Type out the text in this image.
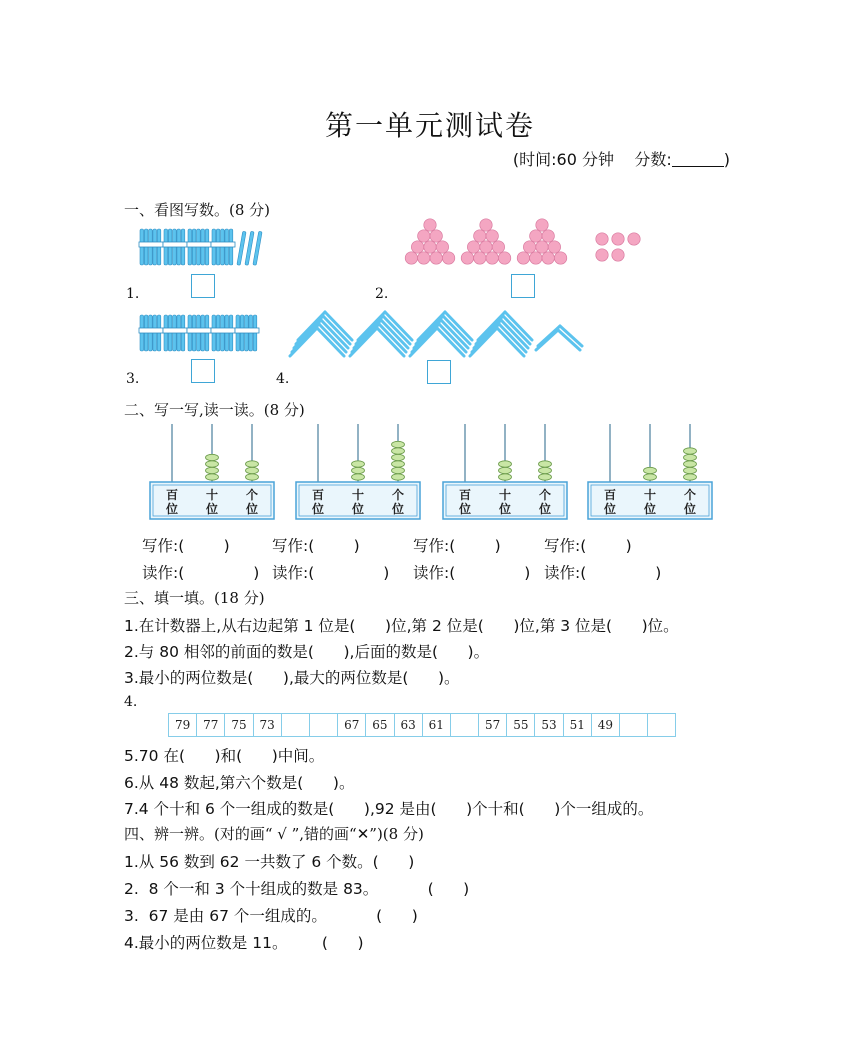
第一单元测试卷
(时间:60 分钟 分数:	)
一、看图写数。(8 分)
1.	2.
3.	4.
二、写一写,读一读。(8 分)
百
位
十
位
个
位
百
位
十
位
个
位
百
位
十
位
个
位
百
位
十
位
个
位
写作:(        )	写作:(        )	写作:(        )	写作:(        )
读作:(              ) 读作:(              ) 读作:(              ) 读作:(              )
三、填一填。(18 分)
1.在计数器上,从右边起第 1 位是(      )位,第 2 位是(      )位,第 3 位是(      )位。
2.与 80 相邻的前面的数是(      ),后面的数是(      )。
3.最小的两位数是(      ),最大的两位数是(      )。
4.
79	77	75	73			67	65	63	61		57	55	53	51	49		
5.70 在(      )和(      )中间。
6.从 48 数起,第六个数是(      )。
7.4 个十和 6 个一组成的数是(      ),92 是由(      )个十和(      )个一组成的。
四、辨一辨。(对的画“ √ ”,错的画“✕”)(8 分)
1.从 56 数到 62 一共数了 6 个数。(      )
2.  8 个一和 3 个十组成的数是 83。          (      )
3.  67 是由 67 个一组成的。          (      )
4.最小的两位数是 11。       (      )
